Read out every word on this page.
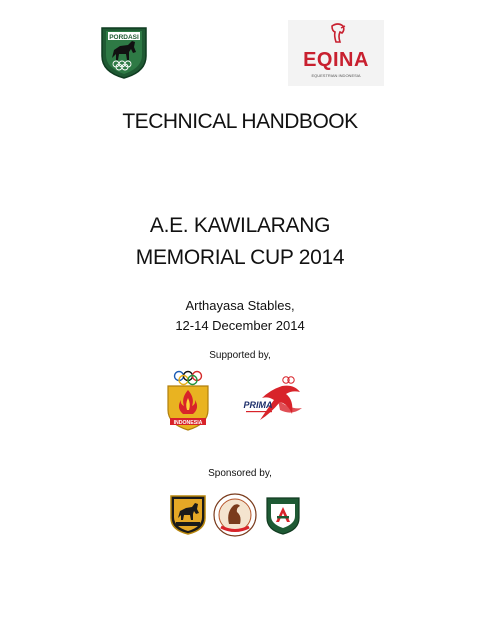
PORDASI
EQINA
EQUESTRIAN INDONESIA
TECHNICAL HANDBOOK
A.E. KAWILARANG
MEMORIAL CUP 2014
Arthayasa Stables,
12-14 December 2014
Supported by,
INDONESIA
PRIMA
Sponsored by,
